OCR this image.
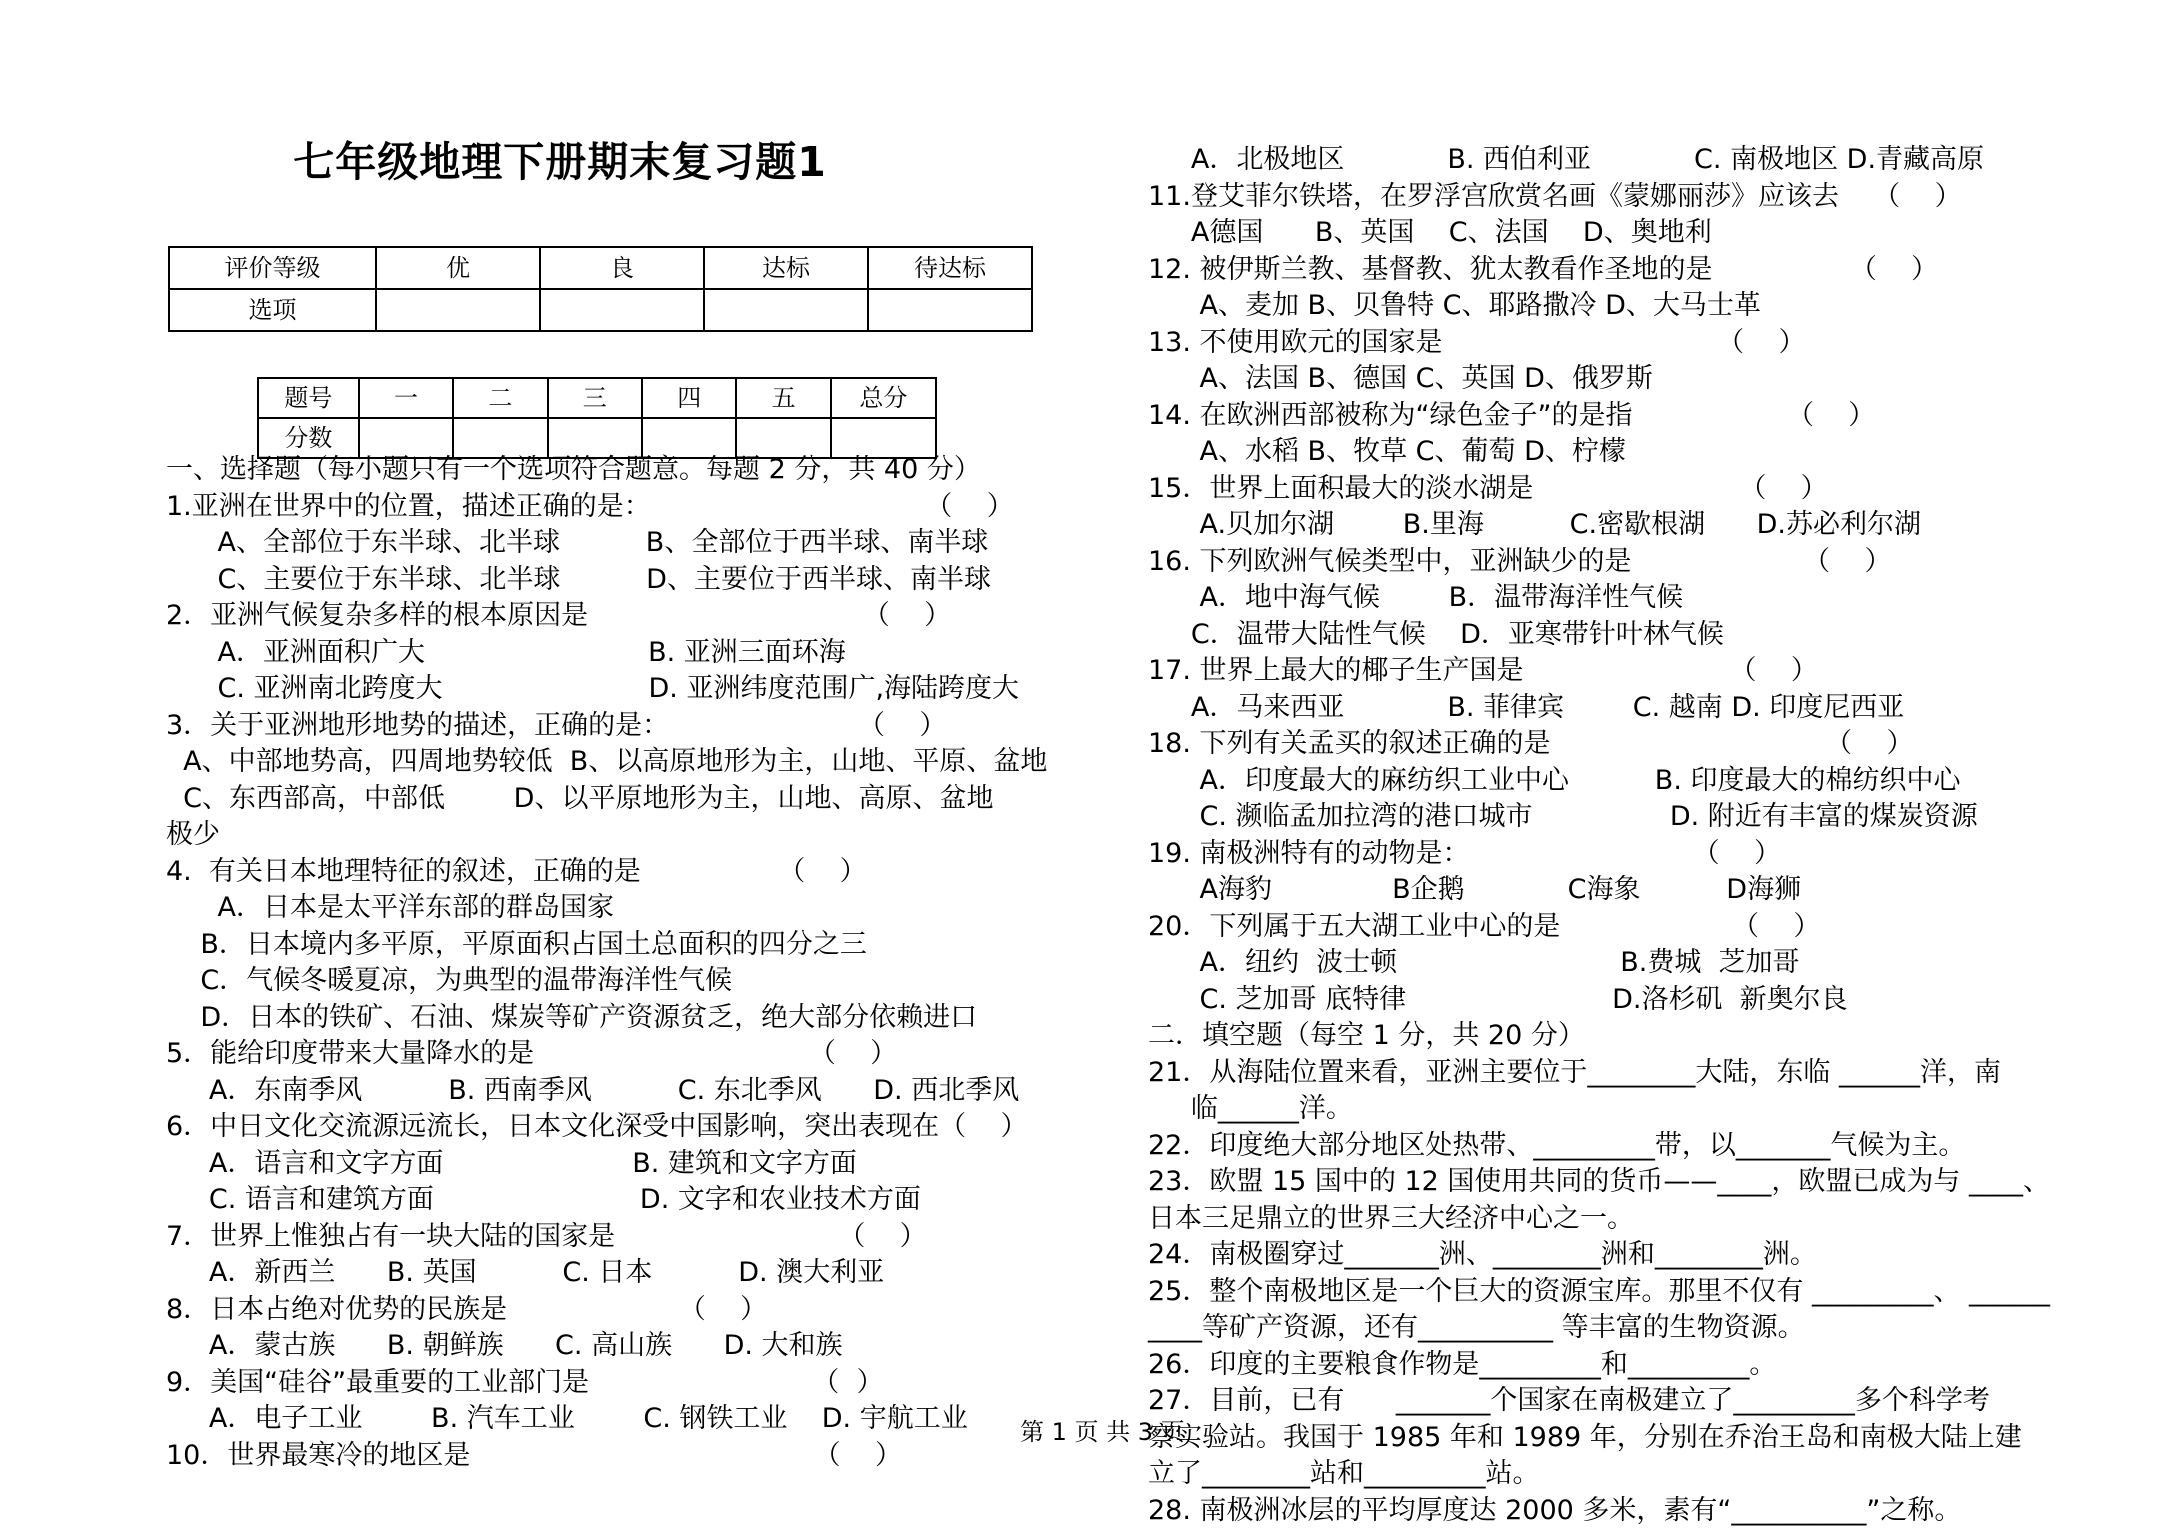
七年级地理下册期末复习题1
评价等级	优	良	达标	待达标
选项				
题号	一	二	三	四	五	总分
分数						
一、选择题（每小题只有一个选项符合题意。每题 2 分，共 40 分）
1.亚洲在世界中的位置，描述正确的是：                                （    ）
A、全部位于东半球、北半球          B、全部位于西半球、南半球
C、主要位于东半球、北半球          D、主要位于西半球、南半球
2．亚洲气候复杂多样的根本原因是                                （    ）
A．亚洲面积广大                          B. 亚洲三面环海
C. 亚洲南北跨度大                        D. 亚洲纬度范围广,海陆跨度大
3．关于亚洲地形地势的描述，正确的是：                      （    ）
A、中部地势高，四周地势较低  B、以高原地形为主，山地、平原、盆地
C、东西部高，中部低        D、以平原地形为主，山地、高原、盆地
极少
4.  有关日本地理特征的叙述，正确的是                （    ）
A．日本是太平洋东部的群岛国家
B．日本境内多平原，平原面积占国土总面积的四分之三
C．气候冬暖夏凉，为典型的温带海洋性气候
D．日本的铁矿、石油、煤炭等矿产资源贫乏，绝大部分依赖进口
5．能给印度带来大量降水的是                                （    ）
A．东南季风          B. 西南季风          C. 东北季风      D. 西北季风
6．中日文化交流源远流长，日本文化深受中国影响，突出表现在（    ）
A．语言和文字方面                      B. 建筑和文字方面
C. 语言和建筑方面                        D. 文字和农业技术方面
7．世界上惟独占有一块大陆的国家是                          （    ）
A．新西兰      B. 英国          C. 日本          D. 澳大利亚
8．日本占绝对优势的民族是                    （    ）
A．蒙古族      B. 朝鲜族      C. 高山族      D. 大和族
9．美国“硅谷”最重要的工业部门是                          （  ）
A．电子工业        B. 汽车工业        C. 钢铁工业    D. 宇航工业
10．世界最寒冷的地区是                                        （    ）
A．北极地区            B. 西伯利亚            C. 南极地区 D.青藏高原
11.登艾菲尔铁塔，在罗浮宫欣赏名画《蒙娜丽莎》应该去    （    ）
A德国      B、英国    C、法国    D、奥地利
12. 被伊斯兰教、基督教、犹太教看作圣地的是                （    ）
A、麦加 B、贝鲁特 C、耶路撒冷 D、大马士革
13. 不使用欧元的国家是                                （    ）
A、法国 B、德国 C、英国 D、俄罗斯
14. 在欧洲西部被称为“绿色金子”的是指                  （    ）
A、水稻 B、牧草 C、葡萄 D、柠檬
15．世界上面积最大的淡水湖是                        （    ）
A.贝加尔湖        B.里海          C.密歇根湖      D.苏必利尔湖
16. 下列欧洲气候类型中，亚洲缺少的是                    （    ）
A．地中海气候        B．温带海洋性气候
C．温带大陆性气候    D．亚寒带针叶林气候
17. 世界上最大的椰子生产国是                        （    ）
A．马来西亚            B. 菲律宾        C. 越南 D. 印度尼西亚
18. 下列有关孟买的叙述正确的是                                （    ）
A．印度最大的麻纺织工业中心          B. 印度最大的棉纺织中心
C. 濒临孟加拉湾的港口城市                D. 附近有丰富的煤炭资源
19. 南极洲特有的动物是：                          （    ）
A海豹              B企鹅            C海象          D海狮
20．下列属于五大湖工业中心的是                    （    ）
A．纽约  波士顿                          B.费城  芝加哥
C. 芝加哥 底特律                        D.洛杉矶  新奥尔良
二．填空题（每空 1 分，共 20 分）
21．从海陆位置来看，亚洲主要位于________大陆，东临 ______洋，南
临______洋。
22．印度绝大部分地区处热带、_________带，以_______气候为主。
23．欧盟 15 国中的 12 国使用共同的货币——____，欧盟已成为与 ____、
日本三足鼎立的世界三大经济中心之一。
24．南极圈穿过_______洲、________洲和________洲。
25．整个南极地区是一个巨大的资源宝库。那里不仅有 _________、 ______
____等矿产资源，还有__________ 等丰富的生物资源。
26．印度的主要粮食作物是_________和_________。
27．目前，已有      _______个国家在南极建立了_________多个科学考
察实验站。我国于 1985 年和 1989 年，分别在乔治王岛和南极大陆上建
立了________站和_________站。
28. 南极洲冰层的平均厚度达 2000 多米，素有“__________”之称。
第 1 页 共 3 页
